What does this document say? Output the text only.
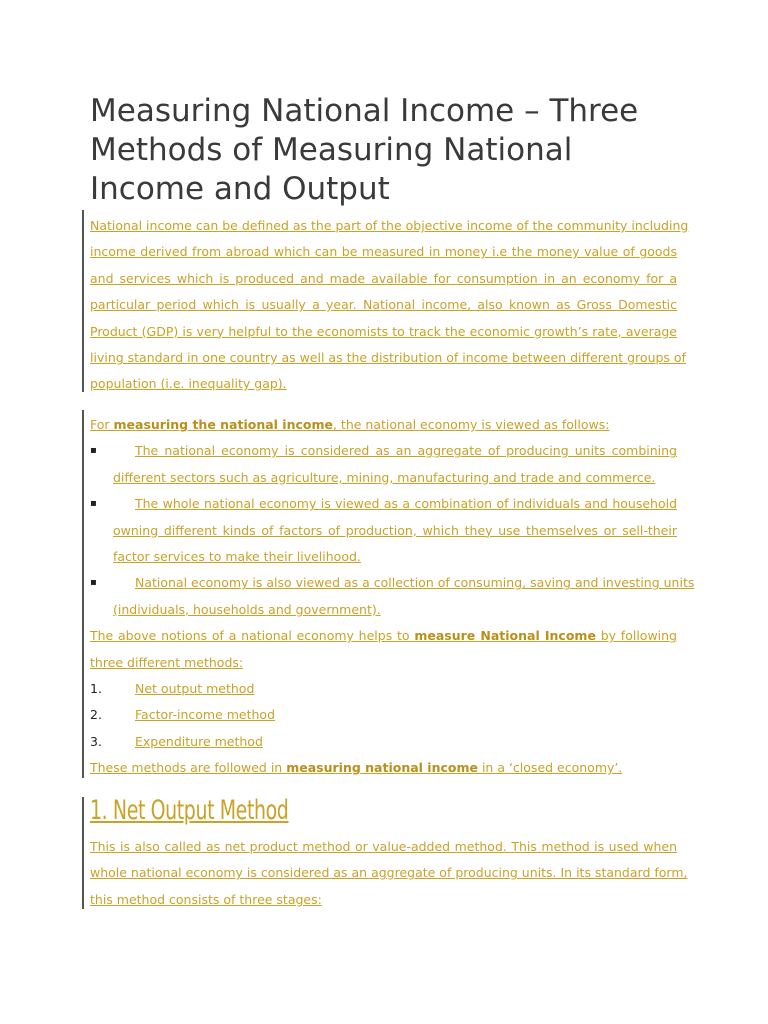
Measuring National Income – Three Methods of Measuring National Income and Output
National income can be defined as the part of the objective income of the community including
income derived from abroad which can be measured in money i.e the money value of goods
and services which is produced and made available for consumption in an economy for a
particular period which is usually a year. National income, also known as Gross Domestic
Product (GDP) is very helpful to the economists to track the economic growth’s rate, average
living standard in one country as well as the distribution of income between different groups of
population (i.e. inequality gap).
For measuring the national income, the national economy is viewed as follows:
▪	The national economy is considered as an aggregate of producing units combining
different sectors such as agriculture, mining, manufacturing and trade and commerce.
▪	The whole national economy is viewed as a combination of individuals and household
owning different kinds of factors of production, which they use themselves or sell-their
factor services to make their livelihood.
▪	National economy is also viewed as a collection of consuming, saving and investing units
(individuals, households and government).
The above notions of a national economy helps to measure National Income by following
three different methods:
1.	Net output method
2.	Factor-income method
3.	Expenditure method
These methods are followed in measuring national income in a ‘closed economy’.
1. Net Output Method
This is also called as net product method or value-added method. This method is used when
whole national economy is considered as an aggregate of producing units. In its standard form,
this method consists of three stages:
